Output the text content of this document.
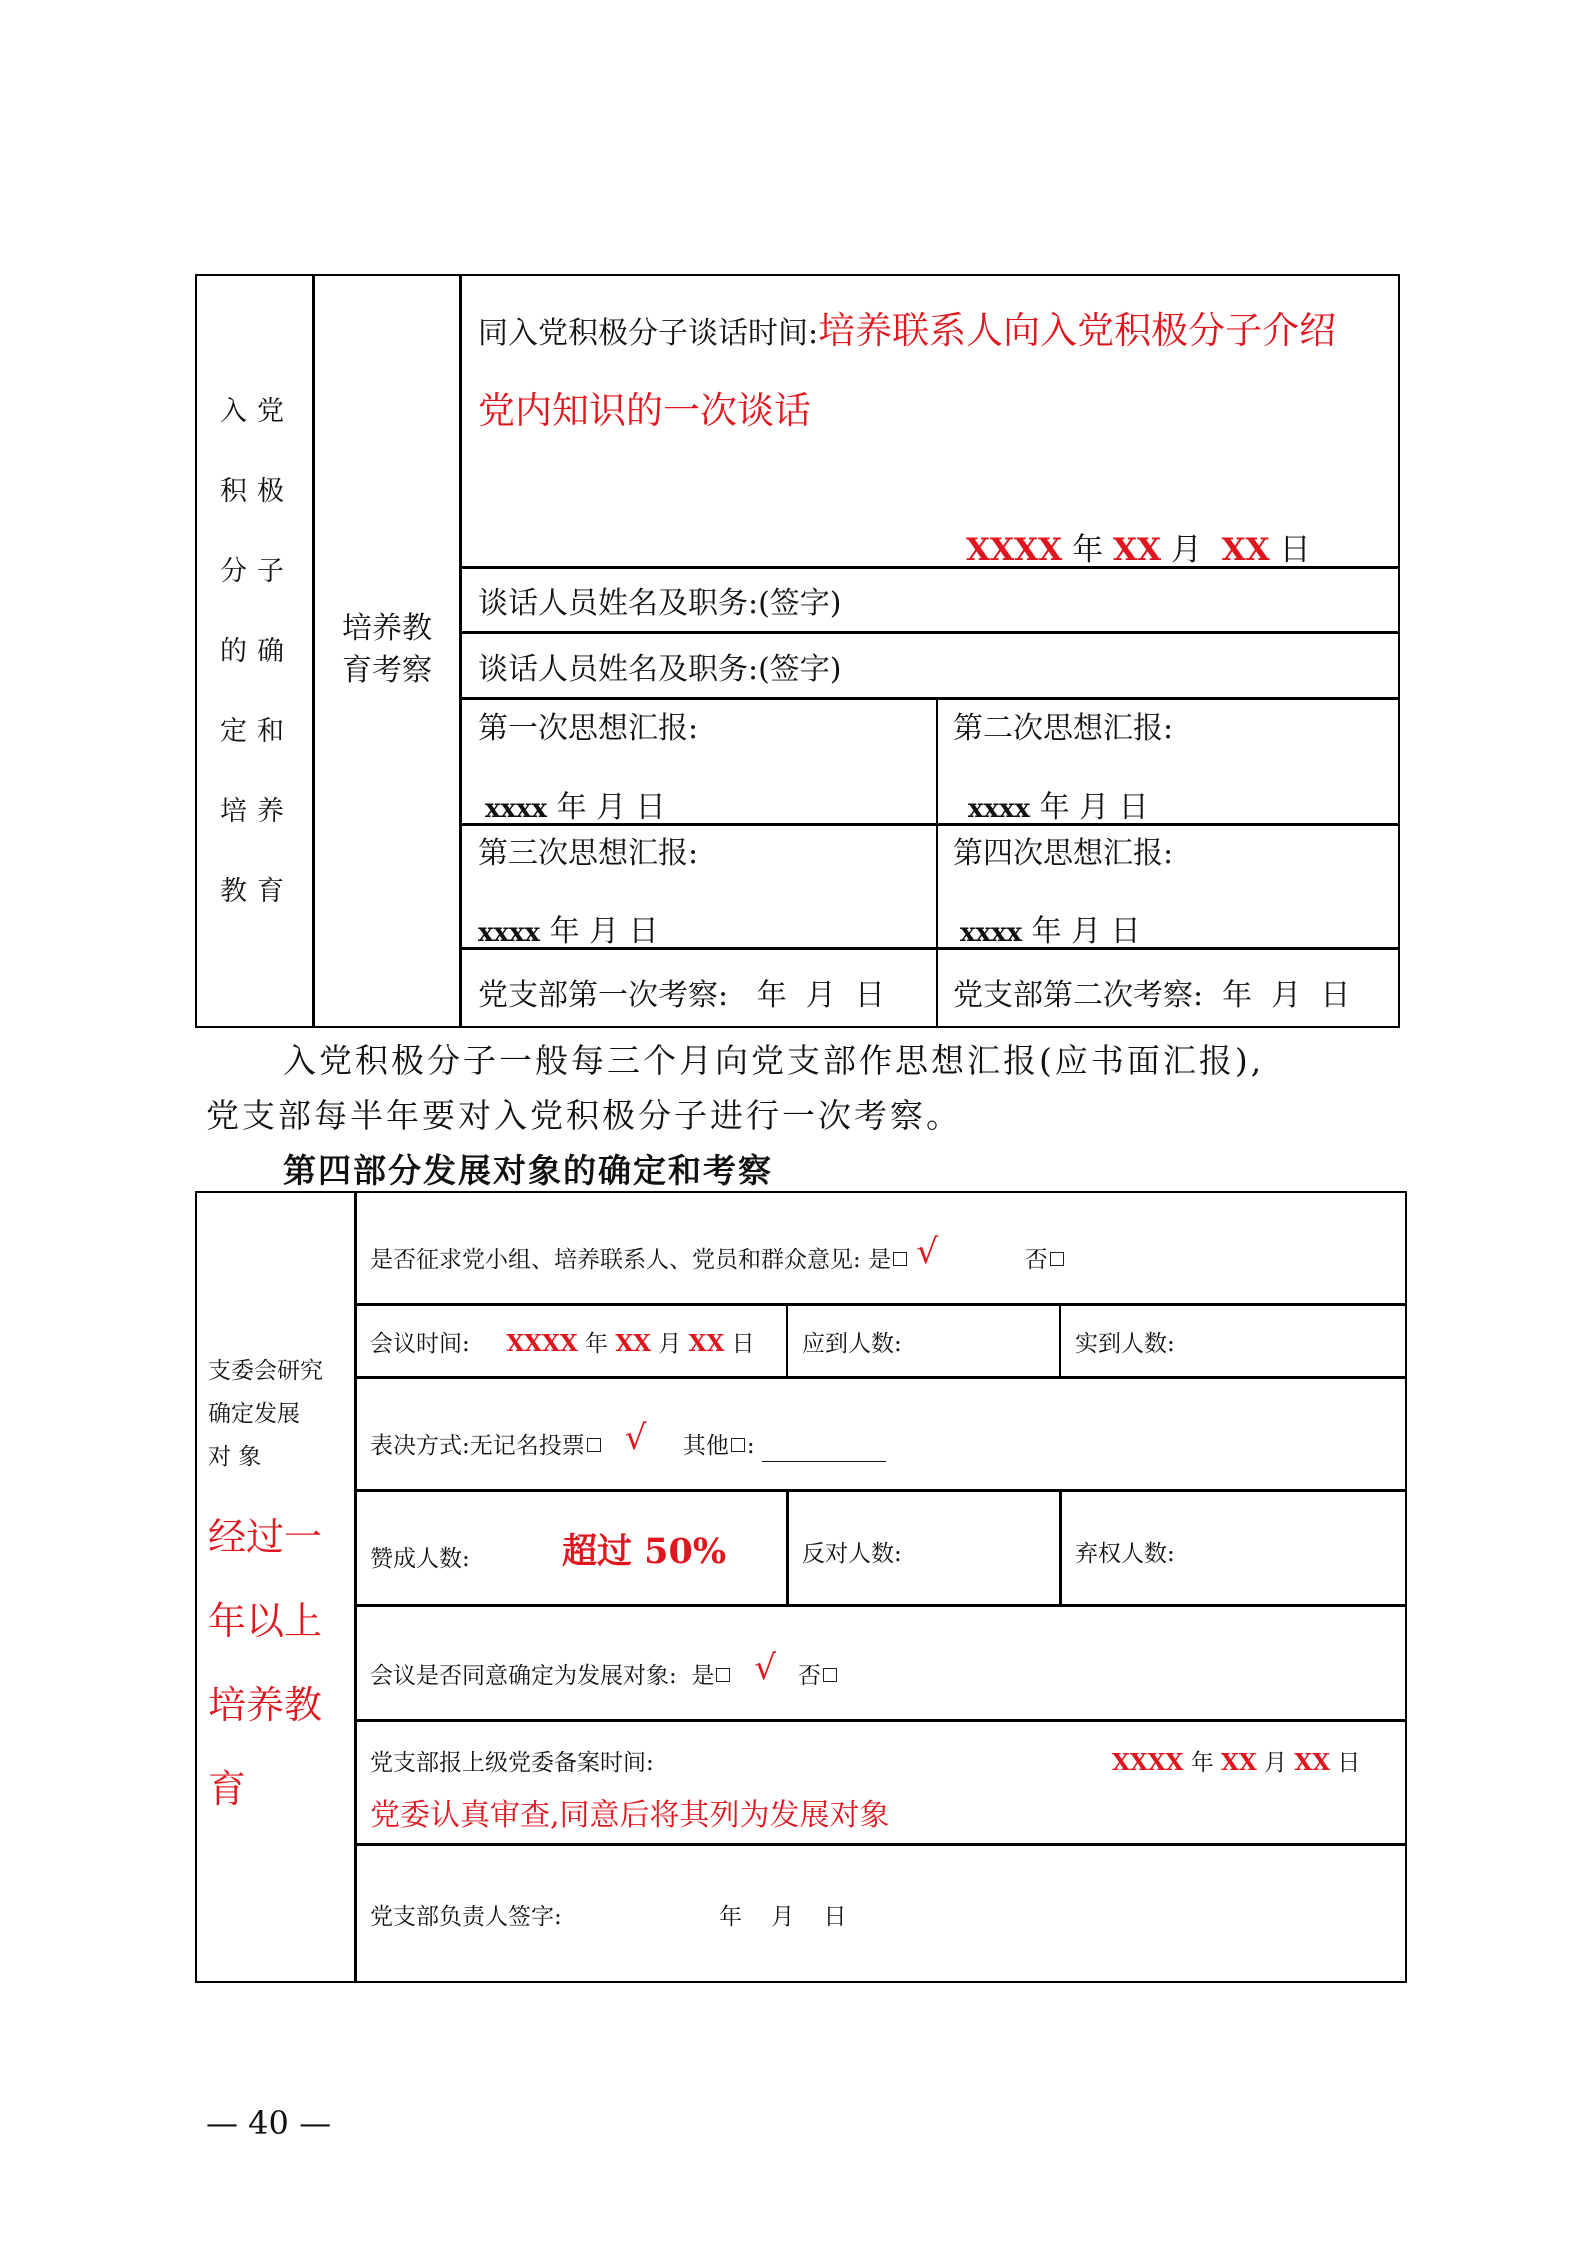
入党
积极
分子
的确
定和
培养
教育
培养教
育考察
同入党积极分子谈话时间:培养联系人向入党积极分子介绍
党内知识的一次谈话
XXXX 年 XX 月 XX 日
谈话人员姓名及职务:(签字)
谈话人员姓名及职务:(签字)
第一次思想汇报:
xxxx 年 月 日
第二次思想汇报:
xxxx 年 月 日
第三次思想汇报:
xxxx 年 月 日
第四次思想汇报:
xxxx 年 月 日
党支部第一次考察:   年  月  日 党支部第二次考察:  年  月  日
入党积极分子一般每三个月向党支部作思想汇报(应书面汇报),
党支部每半年要对入党积极分子进行一次考察。
第四部分发展对象的确定和考察
支委会研究
确定发展
对 象
经过一
年以上
培养教
育
是否征求党小组、培养联系人、党员和群众意见: 是 √	否
会议时间: XXXX 年 XX 月 XX 日 应到人数:	实到人数:
表决方式:无记名投票 √ 其他 :
赞成人数:	超过 50%	反对人数:	弃权人数:
会议是否同意确定为发展对象: 是 √ 否
党支部报上级党委备案时间:	XXXX 年 XX 月 XX 日
党委认真审查,同意后将其列为发展对象
党支部负责人签字:	年    月    日
— 40 —
